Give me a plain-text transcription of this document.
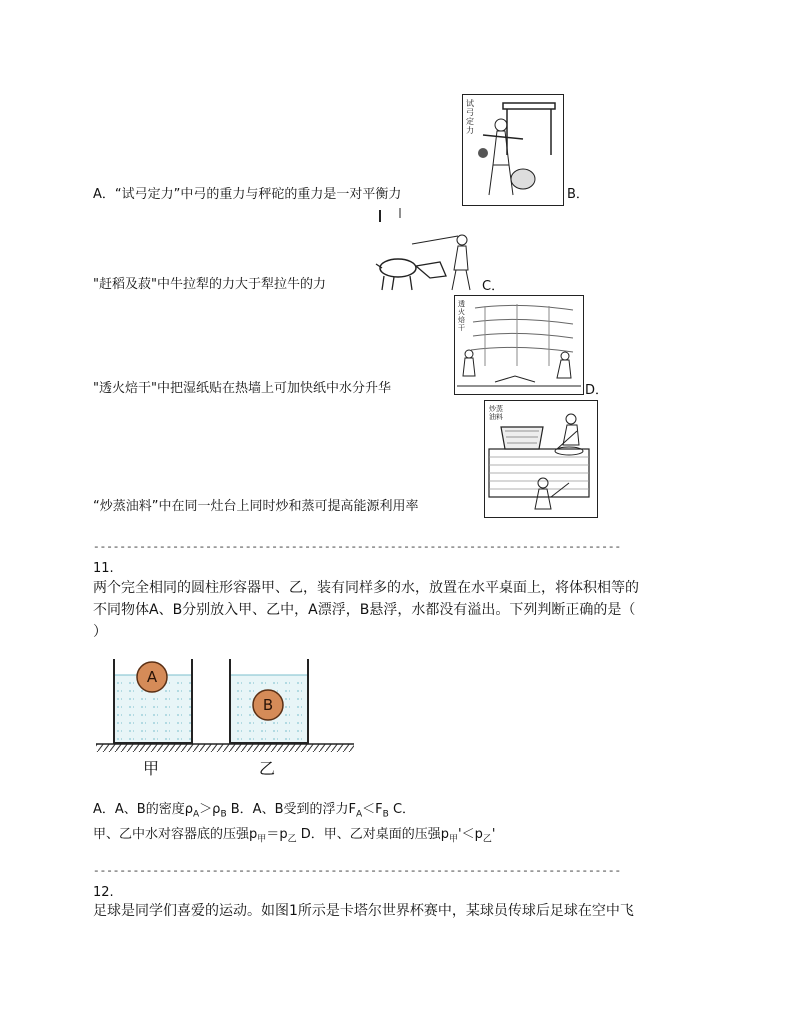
试弓定力
A．“试弓定力”中弓的重力与秤砣的重力是一对平衡力	B．
"赶稻及菽"中牛拉犁的力大于犁拉牛的力	C．
透火焙干
"透火焙干"中把湿纸贴在热墙上可加快纸中水分升华	D．
炒蒸油料
“炒蒸油料”中在同一灶台上同时炒和蒸可提高能源利用率
--------------------------------------------------------------------------------
11.
两个完全相同的圆柱形容器甲、乙，装有同样多的水，放置在水平桌面上，将体积相等的
不同物体A、B分别放入甲、乙中，A漂浮，B悬浮，水都没有溢出。下列判断正确的是（
）
A
B
甲	乙
A．A、B的密度$\rho_A>\rho_B$ B．A、B受到的浮力$F_A<F_B$ C．
甲、乙中水对容器底的压强$p_甲=p_乙$ D．甲、乙对桌面的压强$p_甲'<p_乙'$
--------------------------------------------------------------------------------
12.
足球是同学们喜爱的运动。如图1所示是卡塔尔世界杯赛中，某球员传球后足球在空中飞
